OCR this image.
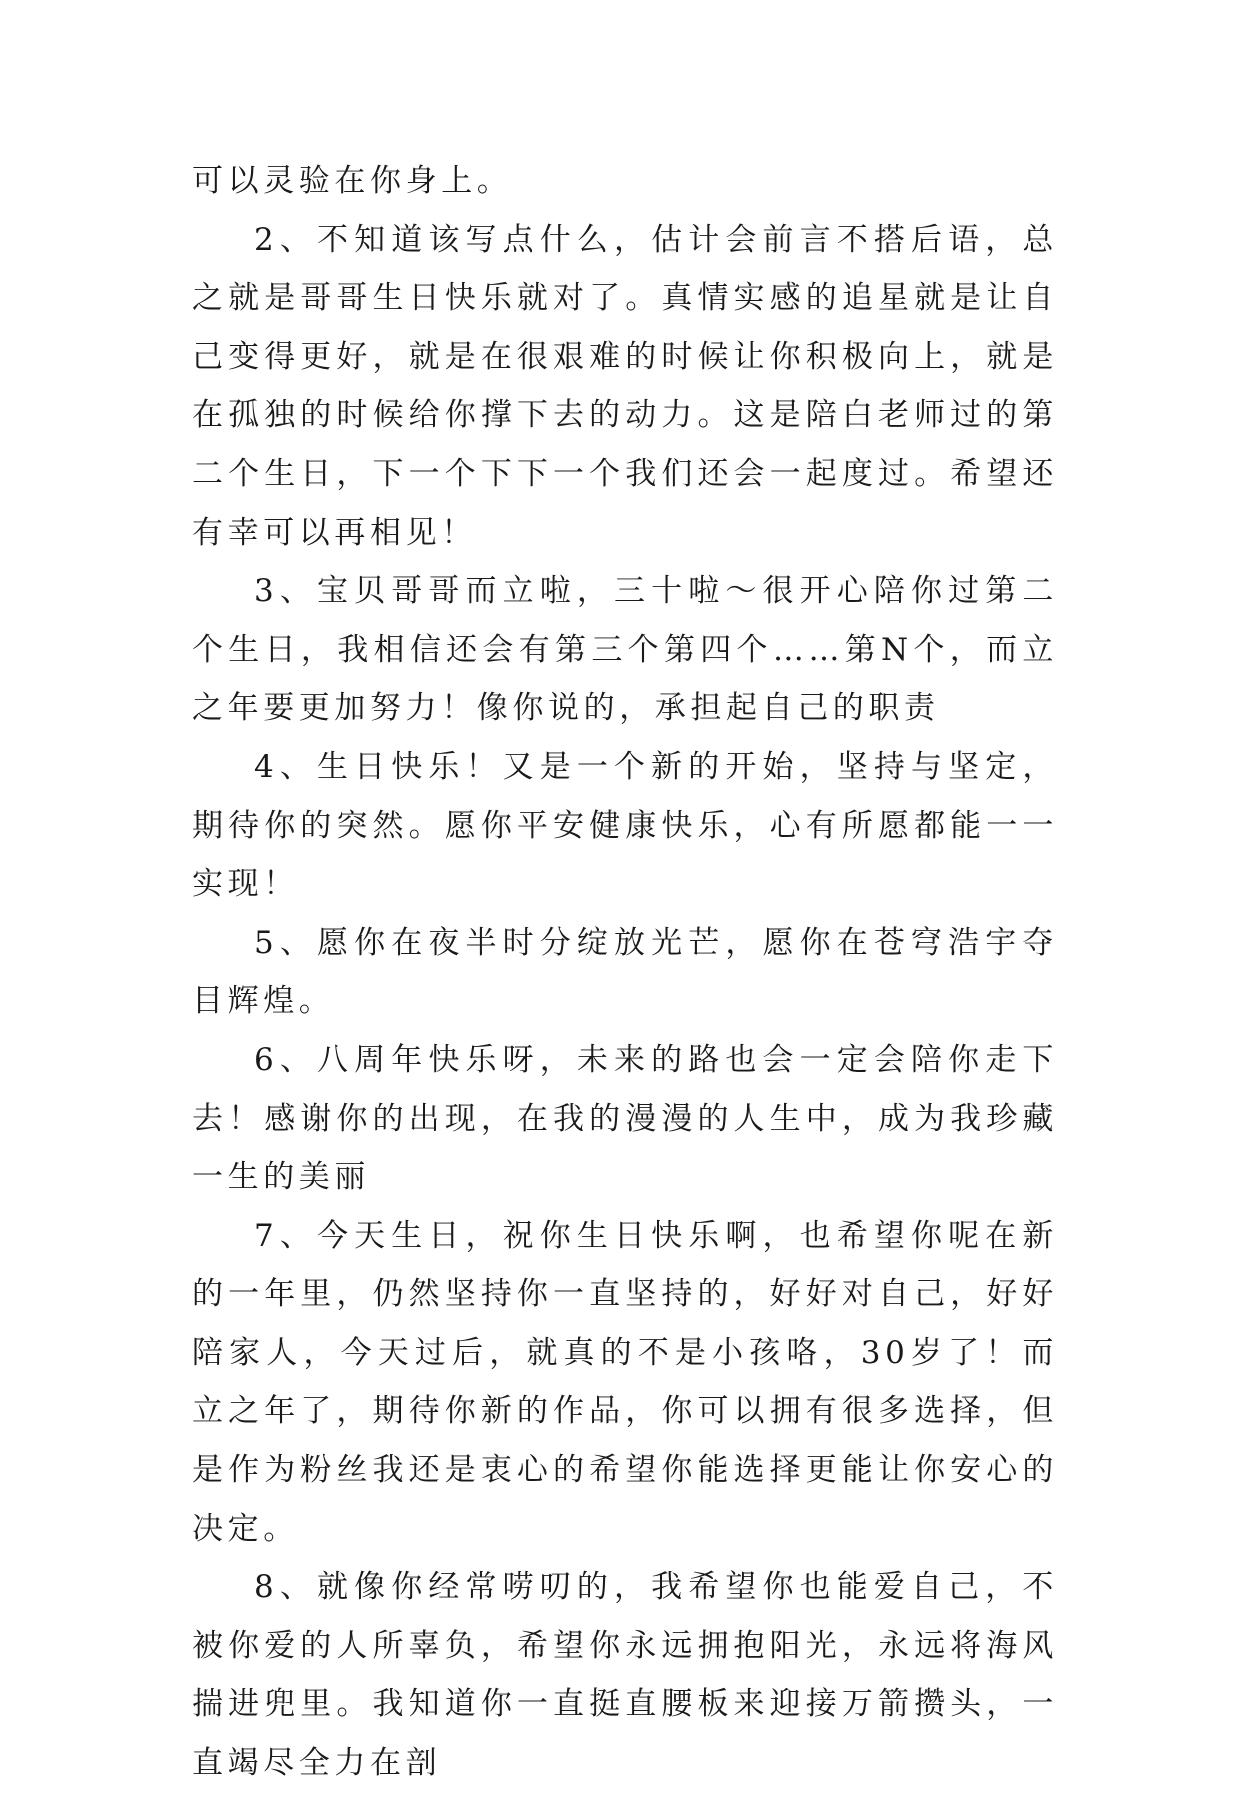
可以灵验在你身上。

2、不知道该写点什么，估计会前言不搭后语，总之就是哥哥生日快乐就对了。真情实感的追星就是让自己变得更好，就是在很艰难的时候让你积极向上，就是在孤独的时候给你撑下去的动力。这是陪白老师过的第二个生日，下一个下下一个我们还会一起度过。希望还有幸可以再相见！

3、宝贝哥哥而立啦，三十啦～很开心陪你过第二个生日，我相信还会有第三个第四个……第N个，而立之年要更加努力！像你说的，承担起自己的职责

4、生日快乐！又是一个新的开始，坚持与坚定，期待你的突然。愿你平安健康快乐，心有所愿都能一一实现！

5、愿你在夜半时分绽放光芒，愿你在苍穹浩宇夺目辉煌。

6、八周年快乐呀，未来的路也会一定会陪你走下去！感谢你的出现，在我的漫漫的人生中，成为我珍藏一生的美丽

7、今天生日，祝你生日快乐啊，也希望你呢在新的一年里，仍然坚持你一直坚持的，好好对自己，好好陪家人，今天过后，就真的不是小孩咯，30岁了！而立之年了，期待你新的作品，你可以拥有很多选择，但是作为粉丝我还是衷心的希望你能选择更能让你安心的决定。

8、就像你经常唠叨的，我希望你也能爱自己，不被你爱的人所辜负，希望你永远拥抱阳光，永远将海风揣进兜里。我知道你一直挺直腰板来迎接万箭攒头，一直竭尽全力在剖
